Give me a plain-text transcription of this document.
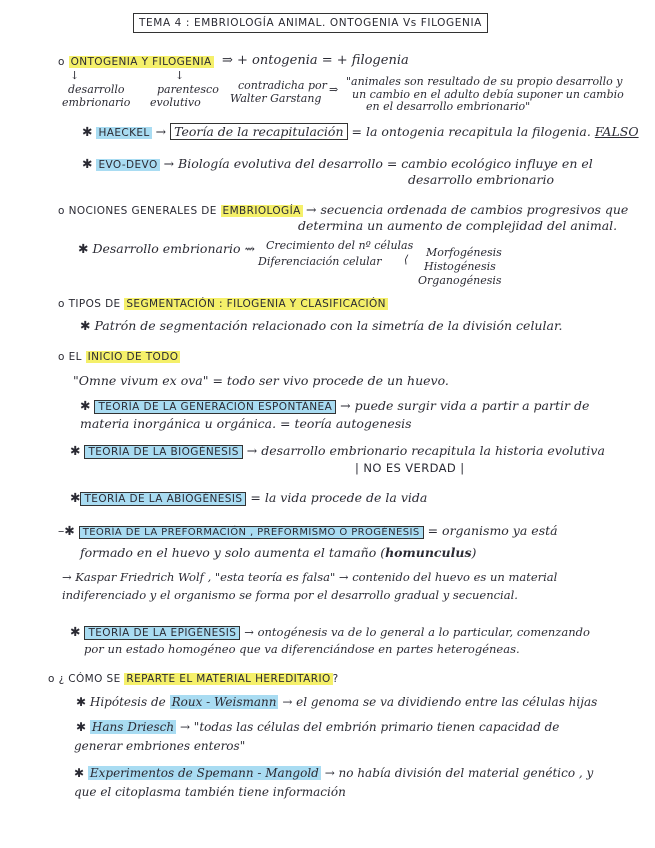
TEMA 4 : EMBRIOLOGÍA ANIMAL. ONTOGENIA Vs FILOGENIA
o ONTOGENIA Y FILOGENIA ⇒ + ontogenia = + filogenia
↓	↓
desarrollo
embrionario
parentesco
evolutivo
contradicha por
Walter Garstang
⇒
"animales son resultado de su propio desarrollo y
un cambio en el adulto debía suponer un cambio
en el desarrollo embrionario"
✱ HAECKEL → Teoría de la recapitulación = la ontogenia recapitula la filogenia. FALSO
✱ EVO-DEVO → Biología evolutiva del desarrollo = cambio ecológico influye en el
desarrollo embrionario
o NOCIONES GENERALES DE EMBRIOLOGÍA → secuencia ordenada de cambios progresivos que
determina un aumento de complejidad del animal.
✱ Desarrollo embrionario ⇝ Crecimiento del nº células
Diferenciación celular ⟨
Morfogénesis
Histogénesis
Organogénesis
o TIPOS DE SEGMENTACIÓN : FILOGENIA Y CLASIFICACIÓN
✱ Patrón de segmentación relacionado con la simetría de la división celular.
o EL INICIO DE TODO
"Omne vivum ex ova" = todo ser vivo procede de un huevo.
✱ TEORÍA DE LA GENERACIÓN ESPONTÁNEA → puede surgir vida a partir a partir de
materia inorgánica u orgánica. = teoría autogenesis
✱ TEORÍA DE LA BIOGÉNESIS → desarrollo embrionario recapitula la historia evolutiva
| NO ES VERDAD |
✱ TEORÍA DE LA ABIOGÉNESIS = la vida procede de la vida
–✱ TEORÍA DE LA PREFORMACIÓN , PREFORMISMO O PROGÉNESIS = organismo ya está
formado en el huevo y solo aumenta el tamaño (homunculus)
→ Kaspar Friedrich Wolf , "esta teoría es falsa" → contenido del huevo es un material
indiferenciado y el organismo se forma por el desarrollo gradual y secuencial.
✱ TEORÍA DE LA EPIGÉNESIS → ontogénesis va de lo general a lo particular, comenzando
por un estado homogéneo que va diferenciándose en partes heterogéneas.
o ¿ CÓMO SE REPARTE EL MATERIAL HEREDITARIO ?
✱ Hipótesis de Roux - Weismann → el genoma se va dividiendo entre las células hijas
✱ Hans Driesch → "todas las células del embrión primario tienen capacidad de
generar embriones enteros"
✱ Experimentos de Spemann - Mangold → no había división del material genético , y
que el citoplasma también tiene información
